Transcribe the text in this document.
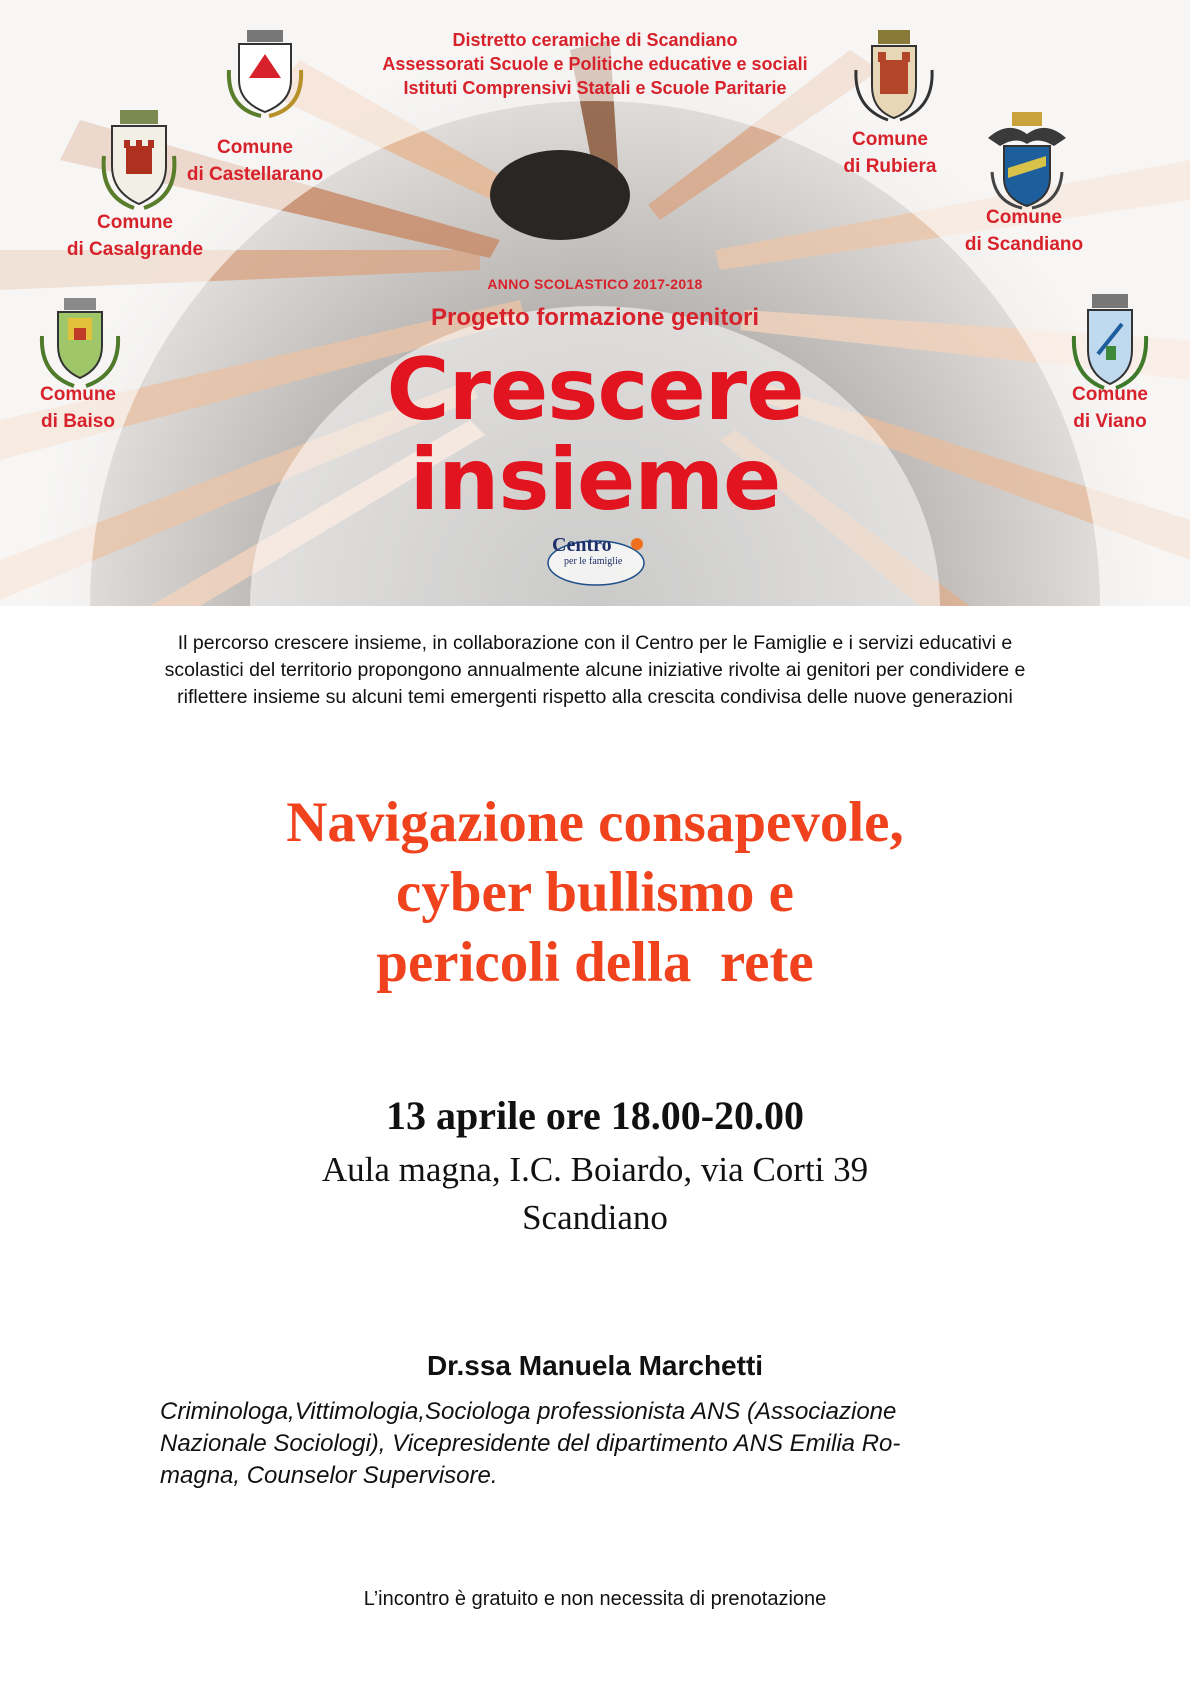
Distretto ceramiche di Scandiano
Assessorati Scuole e Politiche educative e sociali
Istituti Comprensivi Statali e Scuole Paritarie
Comune
di Castellarano
Comune
di Casalgrande
Comune
di Baiso
Comune
di Rubiera
Comune
di Scandiano
Comune
di Viano
ANNO SCOLASTICO 2017-2018
Progetto formazione genitori
Crescere
insieme
Centro
per le famiglie
Il percorso crescere insieme, in collaborazione con il Centro per le Famiglie e i servizi educativi e
scolastici del territorio propongono annualmente alcune iniziative rivolte ai genitori per condividere e
riflettere insieme su alcuni temi emergenti rispetto alla crescita condivisa delle nuove generazioni
Navigazione consapevole,
cyber bullismo e
pericoli della  rete
13 aprile ore 18.00-20.00
Aula magna, I.C. Boiardo, via Corti 39
Scandiano
Dr.ssa Manuela Marchetti
Criminologa,Vittimologia,Sociologa professionista ANS (Associazione
Nazionale Sociologi), Vicepresidente del dipartimento ANS Emilia Ro-
magna, Counselor Supervisore.
L’incontro è gratuito e non necessita di prenotazione
